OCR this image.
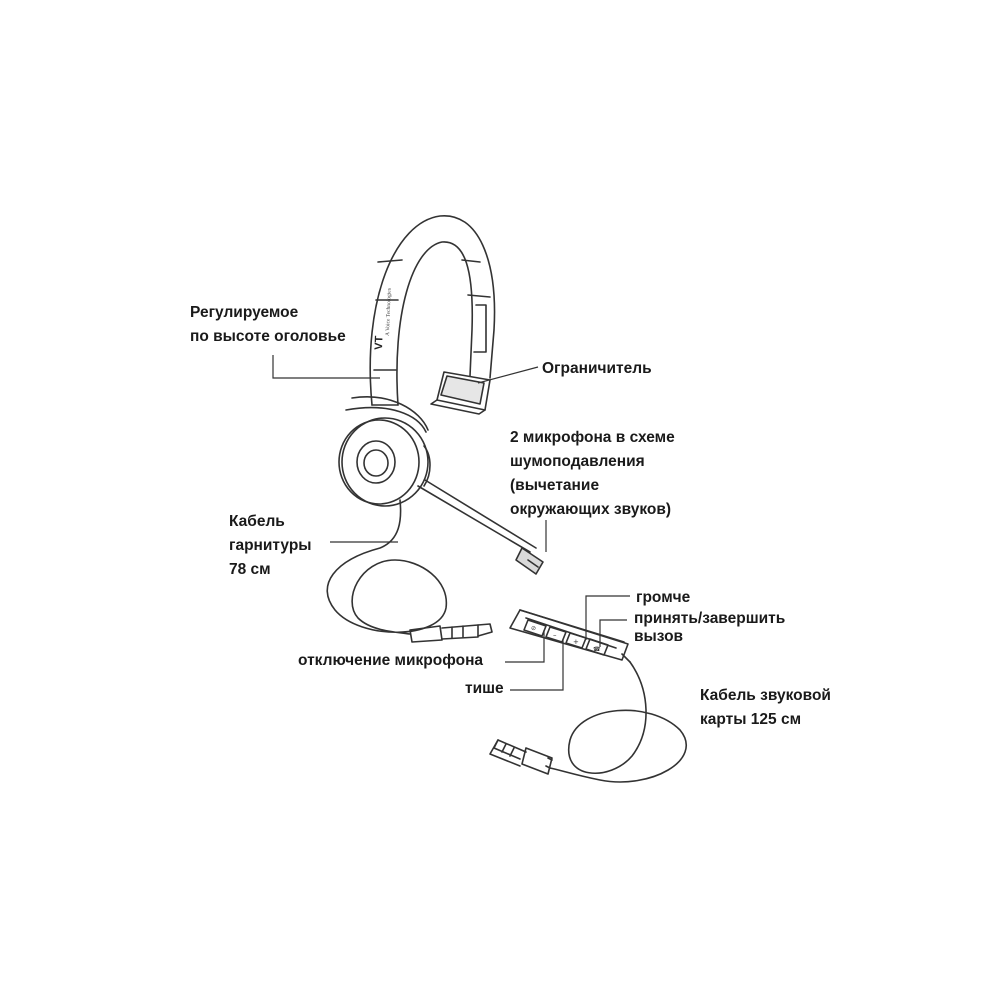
VT
A Voice Technologies
⊘
–
+
☎
Регулируемое
по высоте оголовье
Ограничитель
2 микрофона в схеме
шумоподавления
(вычетание
окружающих звуков)
Кабель
гарнитуры
78 см
громче
принять/завершить
вызов
отключение микрофона
тише	Кабель звуковой
карты 125 см
